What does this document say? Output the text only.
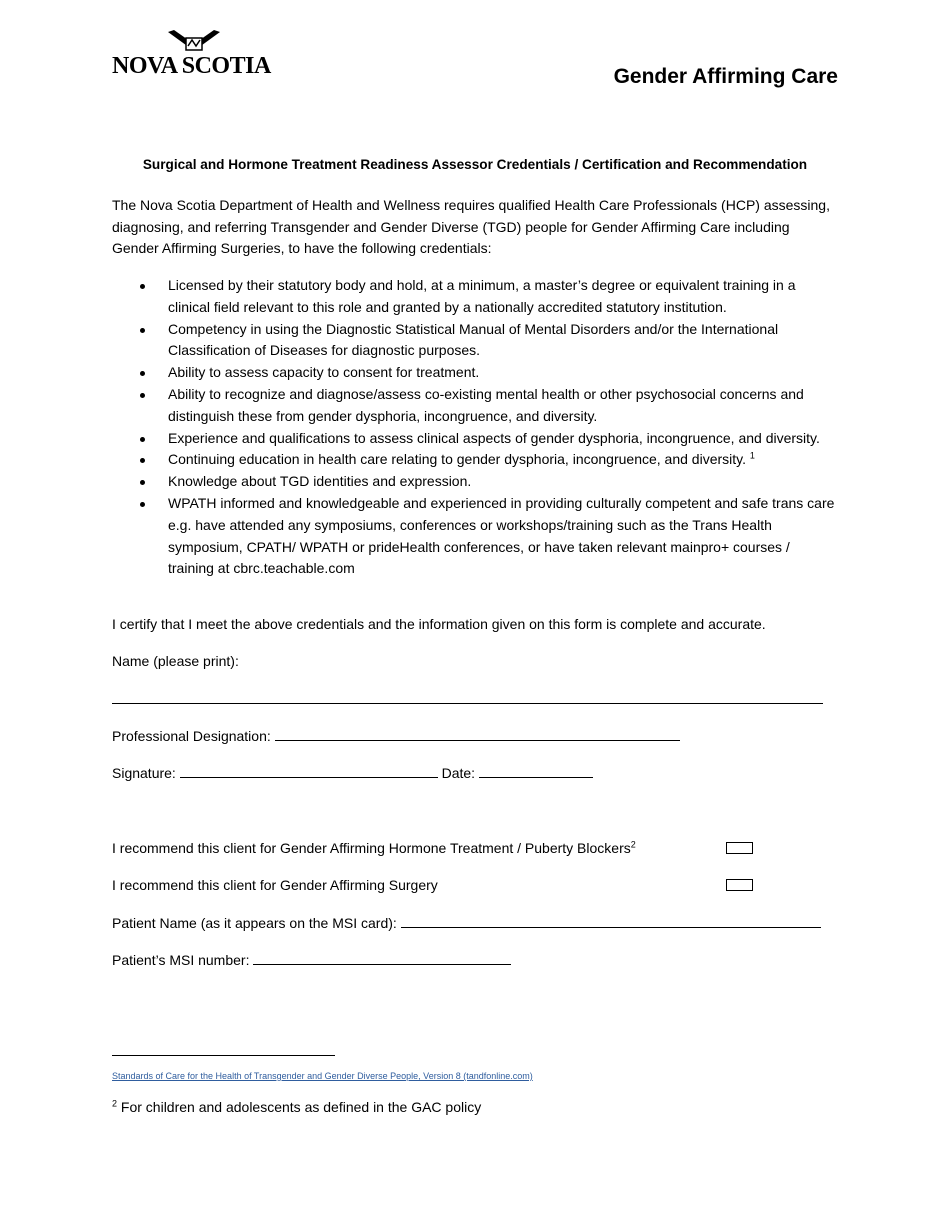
NOVA SCOTIA	Gender Affirming Care
Surgical and Hormone Treatment Readiness Assessor Credentials / Certification and Recommendation
The Nova Scotia Department of Health and Wellness requires qualified Health Care Professionals (HCP) assessing, diagnosing, and referring Transgender and Gender Diverse (TGD) people for Gender Affirming Care including Gender Affirming Surgeries, to have the following credentials:
Licensed by their statutory body and hold, at a minimum, a master’s degree or equivalent training in a clinical field relevant to this role and granted by a nationally accredited statutory institution.
Competency in using the Diagnostic Statistical Manual of Mental Disorders and/or the International Classification of Diseases for diagnostic purposes.
Ability to assess capacity to consent for treatment.
Ability to recognize and diagnose/assess co-existing mental health or other psychosocial concerns and distinguish these from gender dysphoria, incongruence, and diversity.
Experience and qualifications to assess clinical aspects of gender dysphoria, incongruence, and diversity.
Continuing education in health care relating to gender dysphoria, incongruence, and diversity. $^1$
Knowledge about TGD identities and expression.
WPATH informed and knowledgeable and experienced in providing culturally competent and safe trans care e.g. have attended any symposiums, conferences or workshops/training such as the Trans Health symposium, CPATH/ WPATH or prideHealth conferences, or have taken relevant mainpro+ courses / training at cbrc.teachable.com
I certify that I meet the above credentials and the information given on this form is complete and accurate.
Name (please print):
Professional Designation:
Signature:	Date:
I recommend this client for Gender Affirming Hormone Treatment / Puberty Blockers$^2$
I recommend this client for Gender Affirming Surgery
Patient Name (as it appears on the MSI card):
Patient’s MSI number:
Standards of Care for the Health of Transgender and Gender Diverse People, Version 8 (tandfonline.com)
$^2$ For children and adolescents as defined in the GAC policy
